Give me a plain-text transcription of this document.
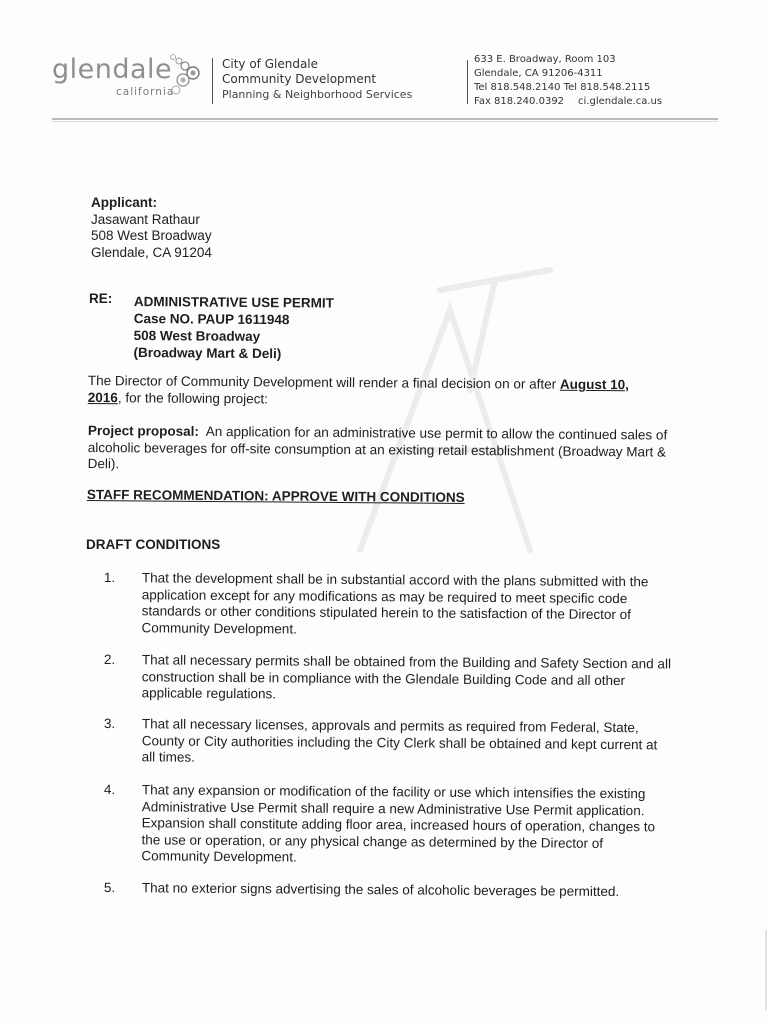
glendale
california
City of Glendale
Community Development
Planning & Neighborhood Services
633 E. Broadway, Room 103
Glendale, CA 91206-4311
Tel 818.548.2140 Tel 818.548.2115
Fax 818.240.0392 ci.glendale.ca.us
Applicant:
Jasawant Rathaur
508 West Broadway
Glendale, CA 91204
RE: ADMINISTRATIVE USE PERMIT
Case NO. PAUP 1611948
508 West Broadway
(Broadway Mart & Deli)
The Director of Community Development will render a final decision on or after August 10,
2016, for the following project:
Project proposal: An application for an administrative use permit to allow the continued sales of alcoholic beverages for off-site consumption at an existing retail establishment (Broadway Mart & Deli).
STAFF RECOMMENDATION: APPROVE WITH CONDITIONS
DRAFT CONDITIONS
1. That the development shall be in substantial accord with the plans submitted with the application except for any modifications as may be required to meet specific code standards or other conditions stipulated herein to the satisfaction of the Director of Community Development.
2. That all necessary permits shall be obtained from the Building and Safety Section and all construction shall be in compliance with the Glendale Building Code and all other applicable regulations.
3. That all necessary licenses, approvals and permits as required from Federal, State, County or City authorities including the City Clerk shall be obtained and kept current at all times.
4. That any expansion or modification of the facility or use which intensifies the existing Administrative Use Permit shall require a new Administrative Use Permit application. Expansion shall constitute adding floor area, increased hours of operation, changes to the use or operation, or any physical change as determined by the Director of Community Development.
5. That no exterior signs advertising the sales of alcoholic beverages be permitted.
